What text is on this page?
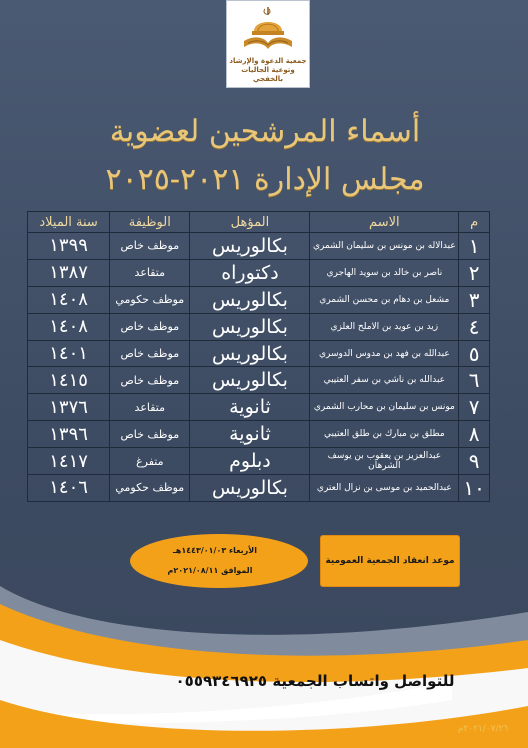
جمعية الدعوة والإرشاد
وتوعية الجاليات بالخفجي
أسماء المرشحين لعضوية
مجلس الإدارة ٢٠٢١-٢٠٢٥
م	الاسم	المؤهل	الوظيفة	سنة الميلاد
١	عبدالاله بن مونس بن سليمان الشمري	بكالوريس	موظف خاص	١٣٩٩
٢	ناصر بن خالد بن سويد الهاجري	دكتوراه	متقاعد	١٣٨٧
٣	مشعل بن دهام بن محسن الشمري	بكالوريس	موظف حكومي	١٤٠٨
٤	زيد بن عويد بن الاملح العلزي	بكالوريس	موظف خاص	١٤٠٨
٥	عبدالله بن فهد بن مدوس الدوسري	بكالوريس	موظف خاص	١٤٠١
٦	عبدالله بن ناشي بن سفر العتيبي	بكالوريس	موظف خاص	١٤١٥
٧	مونس بن سليمان بن محارب الشمري	ثانوية	متقاعد	١٣٧٦
٨	مطلق بن مبارك بن طلق العتيبي	ثانوية	موظف خاص	١٣٩٦
٩	عبدالعزيز بن يعقوب بن يوسف الشرهان	دبلوم	متفرغ	١٤١٧
١٠	عبدالحميد بن موسى بن نزال العتري	بكالوريس	موظف حكومي	١٤٠٦
الأربعاء ١٤٤٣/٠١/٠٣هـ
الموافق ٢٠٢١/٠٨/١١م
موعد انعقاد الجمعية العمومية
للتواصل واتساب الجمعية ٠٥٥٩٣٤٦٩٢٥
٢٠٢١/٠٧/٢٦م
